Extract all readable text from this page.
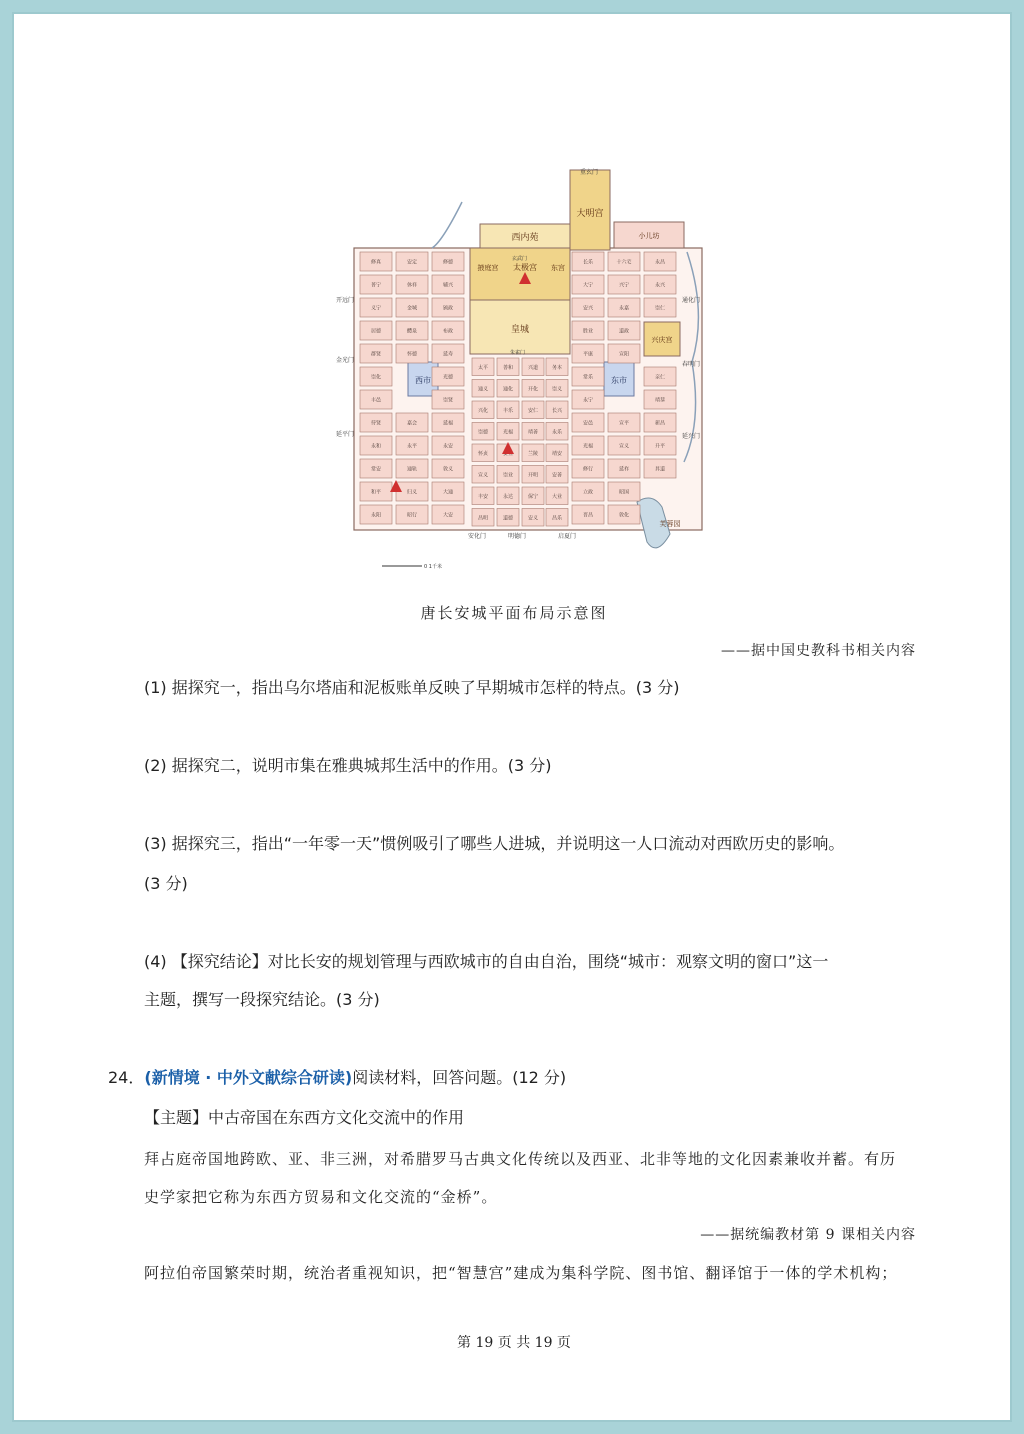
修真	安定	修德
普宁	休祥	辅兴
义宁	金城	颁政
居德	醴泉	布政
群贤	怀德	延寿
崇化	光德
丰邑	崇贤
待贤	嘉会	延福
永和	永平	永安
常安	通轨	敦义
和平	归义	大通
永阳	昭行	大安
太平	善和	兴道	务本
通义	通化	开化	崇义
兴化	丰乐	安仁	长兴
崇德	光福	靖善	永乐
怀贞	兰陵	靖安
宣义	崇业	开明	安善
丰安	永达	保宁	大业
昌明	道德	安义	昌乐
长乐	十六宅	永昌
大宁	兴宁	永兴
安兴	永嘉	崇仁
胜业	道政
平康	宣阳
常乐	亲仁
永宁	靖恭
安邑	宣平	新昌
光福	宣义	升平
修行	延祚	昇道
立政	昭国
晋昌	敦化
大明宫
西内苑	小儿坊
太极宫
掖庭宫	东宫
皇城
西市	东市
兴庆宫
芙蓉园
开远门
金光门
延平门
通化门
春明门
延兴门
安化门	明德门	启夏门
重玄门
玄武门
朱雀门
0 1千米
唐长安城平面布局示意图
——据中国史教科书相关内容
(1) 据探究一，指出乌尔塔庙和泥板账单反映了早期城市怎样的特点。(3 分)
(2) 据探究二，说明市集在雅典城邦生活中的作用。(3 分)
(3) 据探究三，指出“一年零一天”惯例吸引了哪些人进城，并说明这一人口流动对西欧历史的影响。
(3 分)
(4) 【探究结论】对比长安的规划管理与西欧城市的自由自治，围绕“城市：观察文明的窗口”这一
主题，撰写一段探究结论。(3 分)
24．(新情境 · 中外文献综合研读)阅读材料，回答问题。(12 分)
【主题】中古帝国在东西方文化交流中的作用
拜占庭帝国地跨欧、亚、非三洲，对希腊罗马古典文化传统以及西亚、北非等地的文化因素兼收并蓄。有历
史学家把它称为东西方贸易和文化交流的“金桥”。
——据统编教材第 9 课相关内容
阿拉伯帝国繁荣时期，统治者重视知识，把“智慧宫”建成为集科学院、图书馆、翻译馆于一体的学术机构；
第 19 页 共 19 页
